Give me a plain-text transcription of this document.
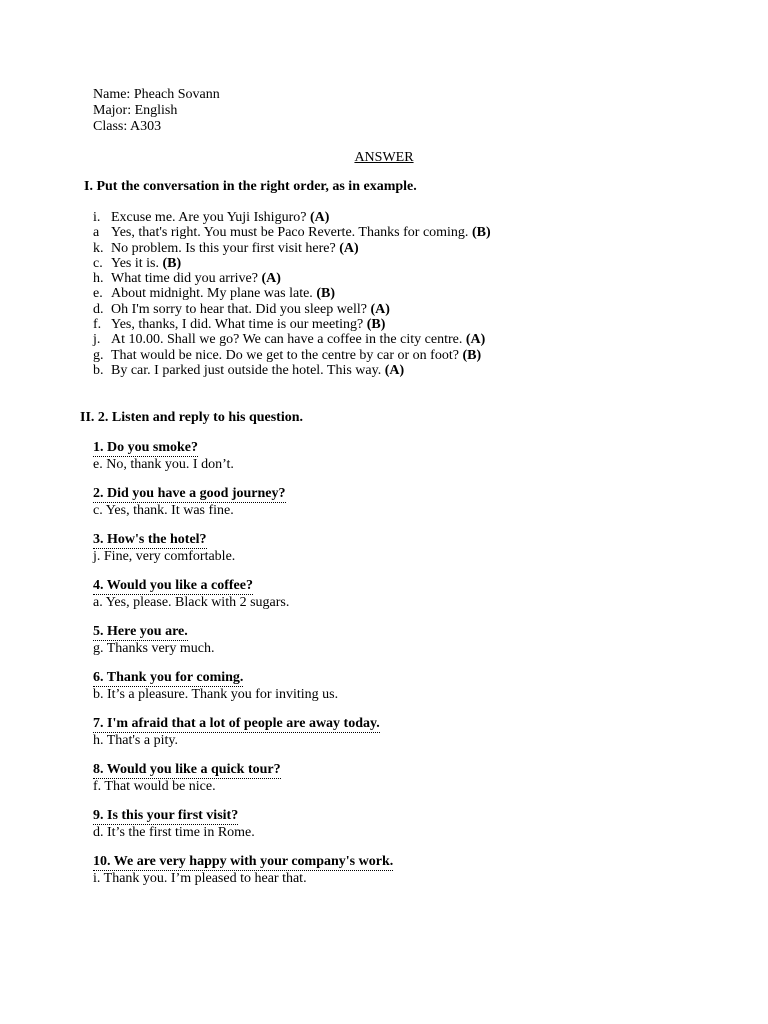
Name: Pheach Sovann
Major: English
Class: A303
ANSWER
I. Put the conversation in the right order, as in example.
i. Excuse me. Are you Yuji Ishiguro? (A)
a Yes, that's right. You must be Paco Reverte. Thanks for coming. (B)
k. No problem. Is this your first visit here? (A)
c. Yes it is. (B)
h. What time did you arrive? (A)
e. About midnight. My plane was late. (B)
d. Oh I'm sorry to hear that. Did you sleep well? (A)
f. Yes, thanks, I did. What time is our meeting? (B)
j. At 10.00. Shall we go? We can have a coffee in the city centre. (A)
g. That would be nice. Do we get to the centre by car or on foot? (B)
b. By car. I parked just outside the hotel. This way. (A)
II. 2. Listen and reply to his question.
1. Do you smoke?
e. No, thank you. I don’t.
2. Did you have a good journey?
c. Yes, thank. It was fine.
3. How's the hotel?
j. Fine, very comfortable.
4. Would you like a coffee?
a. Yes, please. Black with 2 sugars.
5. Here you are.
g. Thanks very much.
6. Thank you for coming.
b. It’s a pleasure. Thank you for inviting us.
7. I'm afraid that a lot of people are away today.
h. That's a pity.
8. Would you like a quick tour?
f. That would be nice.
9. Is this your first visit?
d. It’s the first time in Rome.
10. We are very happy with your company's work.
i. Thank you. I’m pleased to hear that.
